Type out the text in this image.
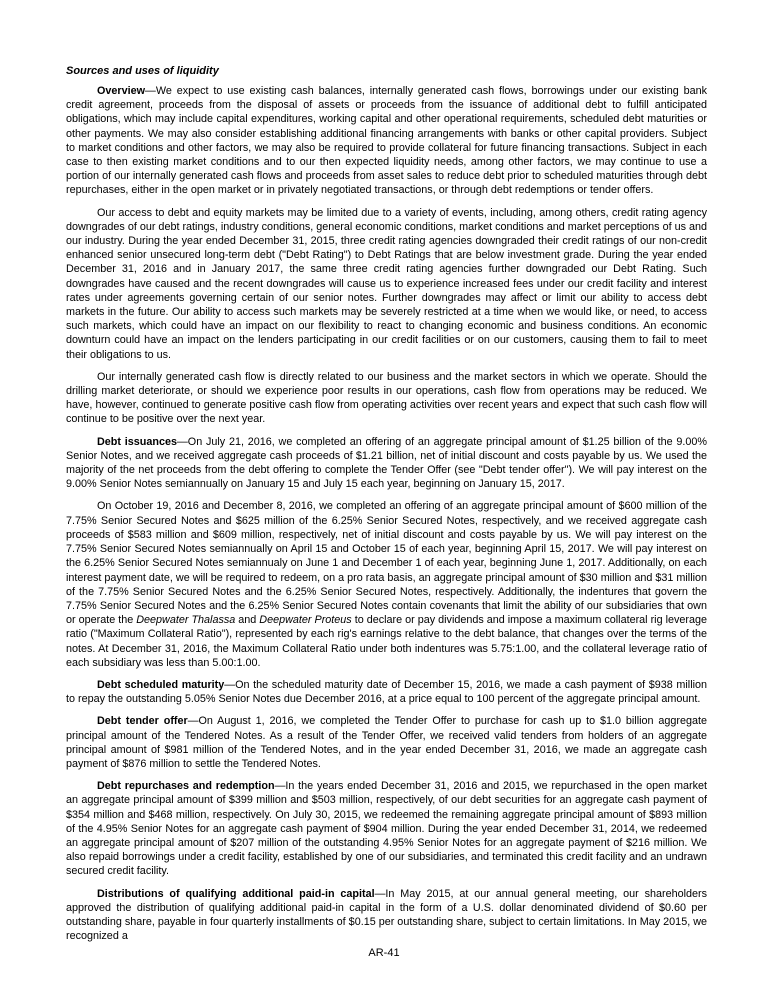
Sources and uses of liquidity

Overview—We expect to use existing cash balances, internally generated cash flows, borrowings under our existing bank credit agreement, proceeds from the disposal of assets or proceeds from the issuance of additional debt to fulfill anticipated obligations, which may include capital expenditures, working capital and other operational requirements, scheduled debt maturities or other payments. We may also consider establishing additional financing arrangements with banks or other capital providers. Subject to market conditions and other factors, we may also be required to provide collateral for future financing transactions. Subject in each case to then existing market conditions and to our then expected liquidity needs, among other factors, we may continue to use a portion of our internally generated cash flows and proceeds from asset sales to reduce debt prior to scheduled maturities through debt repurchases, either in the open market or in privately negotiated transactions, or through debt redemptions or tender offers.

Our access to debt and equity markets may be limited due to a variety of events, including, among others, credit rating agency downgrades of our debt ratings, industry conditions, general economic conditions, market conditions and market perceptions of us and our industry. During the year ended December 31, 2015, three credit rating agencies downgraded their credit ratings of our non-credit enhanced senior unsecured long-term debt ("Debt Rating") to Debt Ratings that are below investment grade. During the year ended December 31, 2016 and in January 2017, the same three credit rating agencies further downgraded our Debt Rating. Such downgrades have caused and the recent downgrades will cause us to experience increased fees under our credit facility and interest rates under agreements governing certain of our senior notes. Further downgrades may affect or limit our ability to access debt markets in the future. Our ability to access such markets may be severely restricted at a time when we would like, or need, to access such markets, which could have an impact on our flexibility to react to changing economic and business conditions. An economic downturn could have an impact on the lenders participating in our credit facilities or on our customers, causing them to fail to meet their obligations to us.

Our internally generated cash flow is directly related to our business and the market sectors in which we operate. Should the drilling market deteriorate, or should we experience poor results in our operations, cash flow from operations may be reduced. We have, however, continued to generate positive cash flow from operating activities over recent years and expect that such cash flow will continue to be positive over the next year.

Debt issuances—On July 21, 2016, we completed an offering of an aggregate principal amount of $1.25 billion of the 9.00% Senior Notes, and we received aggregate cash proceeds of $1.21 billion, net of initial discount and costs payable by us. We used the majority of the net proceeds from the debt offering to complete the Tender Offer (see "Debt tender offer"). We will pay interest on the 9.00% Senior Notes semiannually on January 15 and July 15 each year, beginning on January 15, 2017.

On October 19, 2016 and December 8, 2016, we completed an offering of an aggregate principal amount of $600 million of the 7.75% Senior Secured Notes and $625 million of the 6.25% Senior Secured Notes, respectively, and we received aggregate cash proceeds of $583 million and $609 million, respectively, net of initial discount and costs payable by us. We will pay interest on the 7.75% Senior Secured Notes semiannually on April 15 and October 15 of each year, beginning April 15, 2017. We will pay interest on the 6.25% Senior Secured Notes semiannualy on June 1 and December 1 of each year, beginning June 1, 2017. Additionally, on each interest payment date, we will be required to redeem, on a pro rata basis, an aggregate principal amount of $30 million and $31 million of the 7.75% Senior Secured Notes and the 6.25% Senior Secured Notes, respectively. Additionally, the indentures that govern the 7.75% Senior Secured Notes and the 6.25% Senior Secured Notes contain covenants that limit the ability of our subsidiaries that own or operate the Deepwater Thalassa and Deepwater Proteus to declare or pay dividends and impose a maximum collateral rig leverage ratio ("Maximum Collateral Ratio"), represented by each rig's earnings relative to the debt balance, that changes over the terms of the notes. At December 31, 2016, the Maximum Collateral Ratio under both indentures was 5.75:1.00, and the collateral leverage ratio of each subsidiary was less than 5.00:1.00.

Debt scheduled maturity—On the scheduled maturity date of December 15, 2016, we made a cash payment of $938 million to repay the outstanding 5.05% Senior Notes due December 2016, at a price equal to 100 percent of the aggregate principal amount.

Debt tender offer—On August 1, 2016, we completed the Tender Offer to purchase for cash up to $1.0 billion aggregate principal amount of the Tendered Notes. As a result of the Tender Offer, we received valid tenders from holders of an aggregate principal amount of $981 million of the Tendered Notes, and in the year ended December 31, 2016, we made an aggregate cash payment of $876 million to settle the Tendered Notes.

Debt repurchases and redemption—In the years ended December 31, 2016 and 2015, we repurchased in the open market an aggregate principal amount of $399 million and $503 million, respectively, of our debt securities for an aggregate cash payment of $354 million and $468 million, respectively. On July 30, 2015, we redeemed the remaining aggregate principal amount of $893 million of the 4.95% Senior Notes for an aggregate cash payment of $904 million. During the year ended December 31, 2014, we redeemed an aggregate principal amount of $207 million of the outstanding 4.95% Senior Notes for an aggregate payment of $216 million. We also repaid borrowings under a credit facility, established by one of our subsidiaries, and terminated this credit facility and an undrawn secured credit facility.

Distributions of qualifying additional paid-in capital—In May 2015, at our annual general meeting, our shareholders approved the distribution of qualifying additional paid-in capital in the form of a U.S. dollar denominated dividend of $0.60 per outstanding share, payable in four quarterly installments of $0.15 per outstanding share, subject to certain limitations. In May 2015, we recognized a

AR-41
